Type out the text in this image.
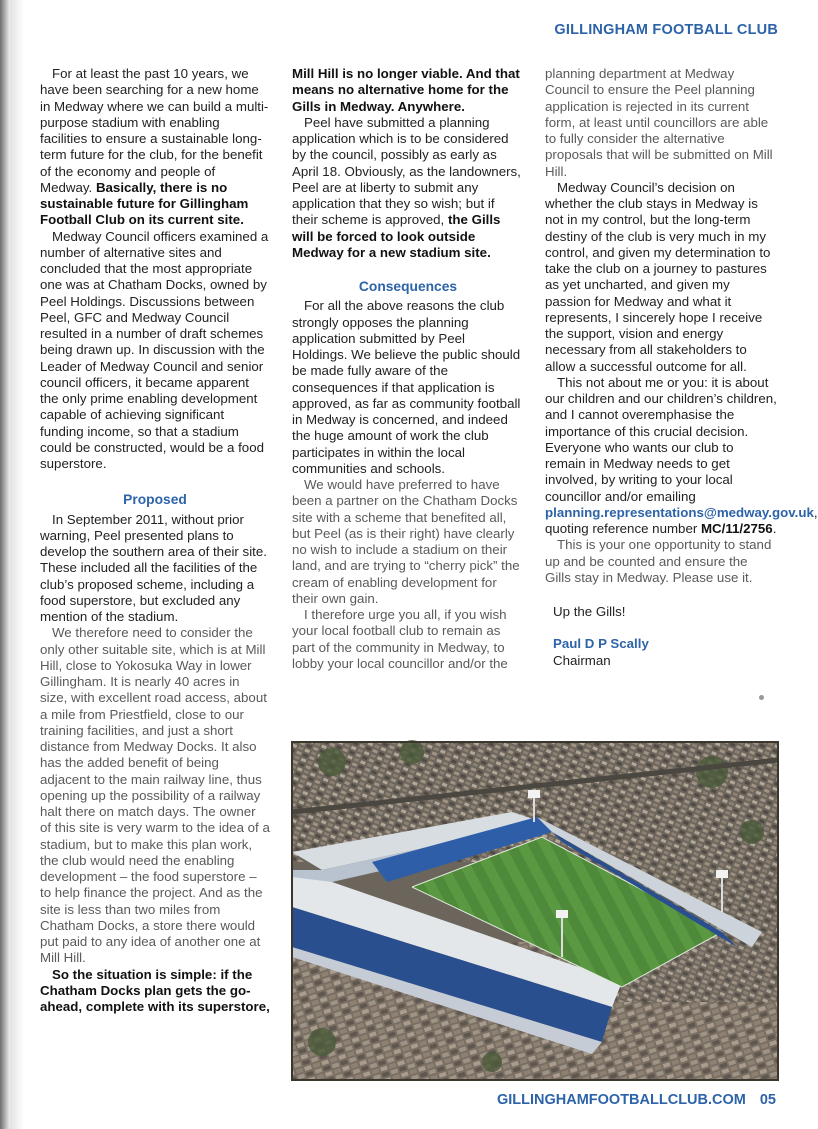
GILLINGHAM FOOTBALL CLUB

For at least the past 10 years, we have been searching for a new home in Medway where we can build a multi-purpose stadium with enabling facilities to ensure a sustainable long-term future for the club, for the benefit of the economy and people of Medway. Basically, there is no sustainable future for Gillingham Football Club on its current site.

Medway Council officers examined a number of alternative sites and concluded that the most appropriate one was at Chatham Docks, owned by Peel Holdings. Discussions between Peel, GFC and Medway Council resulted in a number of draft schemes being drawn up. In discussion with the Leader of Medway Council and senior council officers, it became apparent the only prime enabling development capable of achieving significant funding income, so that a stadium could be constructed, would be a food superstore.

Proposed

In September 2011, without prior warning, Peel presented plans to develop the southern area of their site. These included all the facilities of the club’s proposed scheme, including a food superstore, but excluded any mention of the stadium.

We therefore need to consider the only other suitable site, which is at Mill Hill, close to Yokosuka Way in lower Gillingham. It is nearly 40 acres in size, with excellent road access, about a mile from Priestfield, close to our training facilities, and just a short distance from Medway Docks. It also has the added benefit of being adjacent to the main railway line, thus opening up the possibility of a railway halt there on match days. The owner of this site is very warm to the idea of a stadium, but to make this plan work, the club would need the enabling development – the food superstore – to help finance the project. And as the site is less than two miles from Chatham Docks, a store there would put paid to any idea of another one at Mill Hill.

So the situation is simple: if the Chatham Docks plan gets the go-ahead, complete with its superstore,

Mill Hill is no longer viable. And that means no alternative home for the Gills in Medway. Anywhere.

Peel have submitted a planning application which is to be considered by the council, possibly as early as April 18. Obviously, as the landowners, Peel are at liberty to submit any application that they so wish; but if their scheme is approved, the Gills will be forced to look outside Medway for a new stadium site.

Consequences

For all the above reasons the club strongly opposes the planning application submitted by Peel Holdings. We believe the public should be made fully aware of the consequences if that application is approved, as far as community football in Medway is concerned, and indeed the huge amount of work the club participates in within the local communities and schools.

We would have preferred to have been a partner on the Chatham Docks site with a scheme that benefited all, but Peel (as is their right) have clearly no wish to include a stadium on their land, and are trying to “cherry pick” the cream of enabling development for their own gain.

I therefore urge you all, if you wish your local football club to remain as part of the community in Medway, to lobby your local councillor and/or the

planning department at Medway Council to ensure the Peel planning application is rejected in its current form, at least until councillors are able to fully consider the alternative proposals that will be submitted on Mill Hill.

Medway Council’s decision on whether the club stays in Medway is not in my control, but the long-term destiny of the club is very much in my control, and given my determination to take the club on a journey to pastures as yet uncharted, and given my passion for Medway and what it represents, I sincerely hope I receive the support, vision and energy necessary from all stakeholders to allow a successful outcome for all.

This not about me or you: it is about our children and our children’s children, and I cannot overemphasise the importance of this crucial decision. Everyone who wants our club to remain in Medway needs to get involved, by writing to your local councillor and/or emailing planning.representations@medway.gov.uk, quoting reference number MC/11/2756.

This is your one opportunity to stand up and be counted and ensure the Gills stay in Medway. Please use it.

Up the Gills!

Paul D P Scally

Chairman

GILLINGHAMFOOTBALLCLUB.COM 05
